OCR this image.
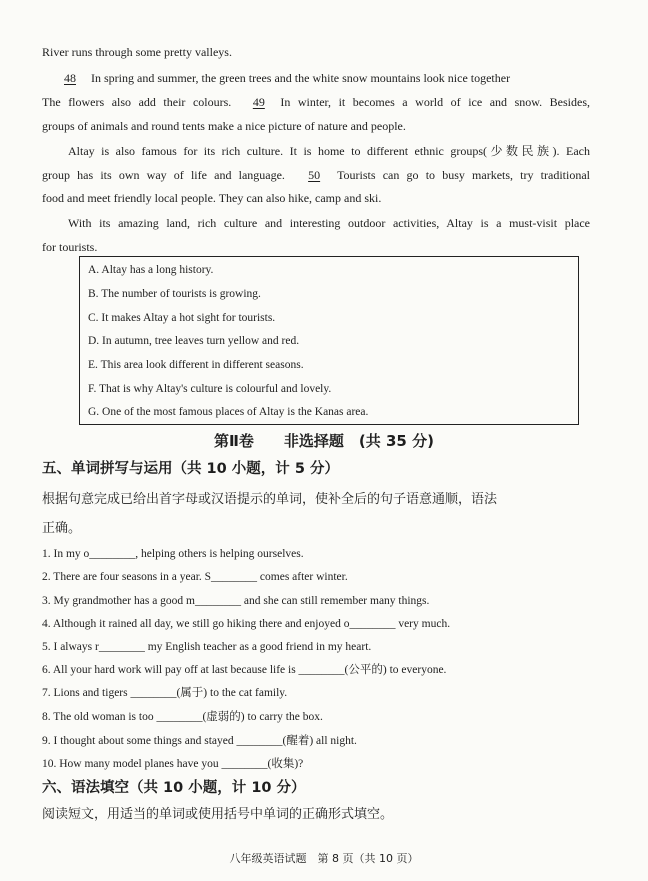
River runs through some pretty valleys.
48 In spring and summer, the green trees and the white snow mountains look nice together
The flowers also add their colours. 49 In winter, it becomes a world of ice and snow. Besides,
groups of animals and round tents make a nice picture of nature and people.
Altay is also famous for its rich culture. It is home to different ethnic groups(少数民族). Each
group has its own way of life and language. 50 Tourists can go to busy markets, try traditional
food and meet friendly local people. They can also hike, camp and ski.
With its amazing land, rich culture and interesting outdoor activities, Altay is a must-visit place
for tourists.
A. Altay has a long history.
B. The number of tourists is growing.
C. It makes Altay a hot sight for tourists.
D. In autumn, tree leaves turn yellow and red.
E. This area look different in different seasons.
F. That is why Altay's culture is colourful and lovely.
G. One of the most famous places of Altay is the Kanas area.
第Ⅱ卷　　非选择题　(共 35 分)
五、单词拼写与运用（共 10 小题，计 5 分）
根据句意完成已给出首字母或汉语提示的单词，使补全后的句子语意通顺，语法
正确。
1. In my o________, helping others is helping ourselves.
2. There are four seasons in a year. S________ comes after winter.
3. My grandmother has a good m________ and she can still remember many things.
4. Although it rained all day, we still go hiking there and enjoyed o________ very much.
5. I always r________ my English teacher as a good friend in my heart.
6. All your hard work will pay off at last because life is ________(公平的) to everyone.
7. Lions and tigers ________(属于) to the cat family.
8. The old woman is too ________(虚弱的) to carry the box.
9. I thought about some things and stayed ________(醒着) all night.
10. How many model planes have you ________(收集)?
六、语法填空（共 10 小题，计 10 分）
阅读短文，用适当的单词或使用括号中单词的正确形式填空。
八年级英语试题　第 8 页（共 10 页）
